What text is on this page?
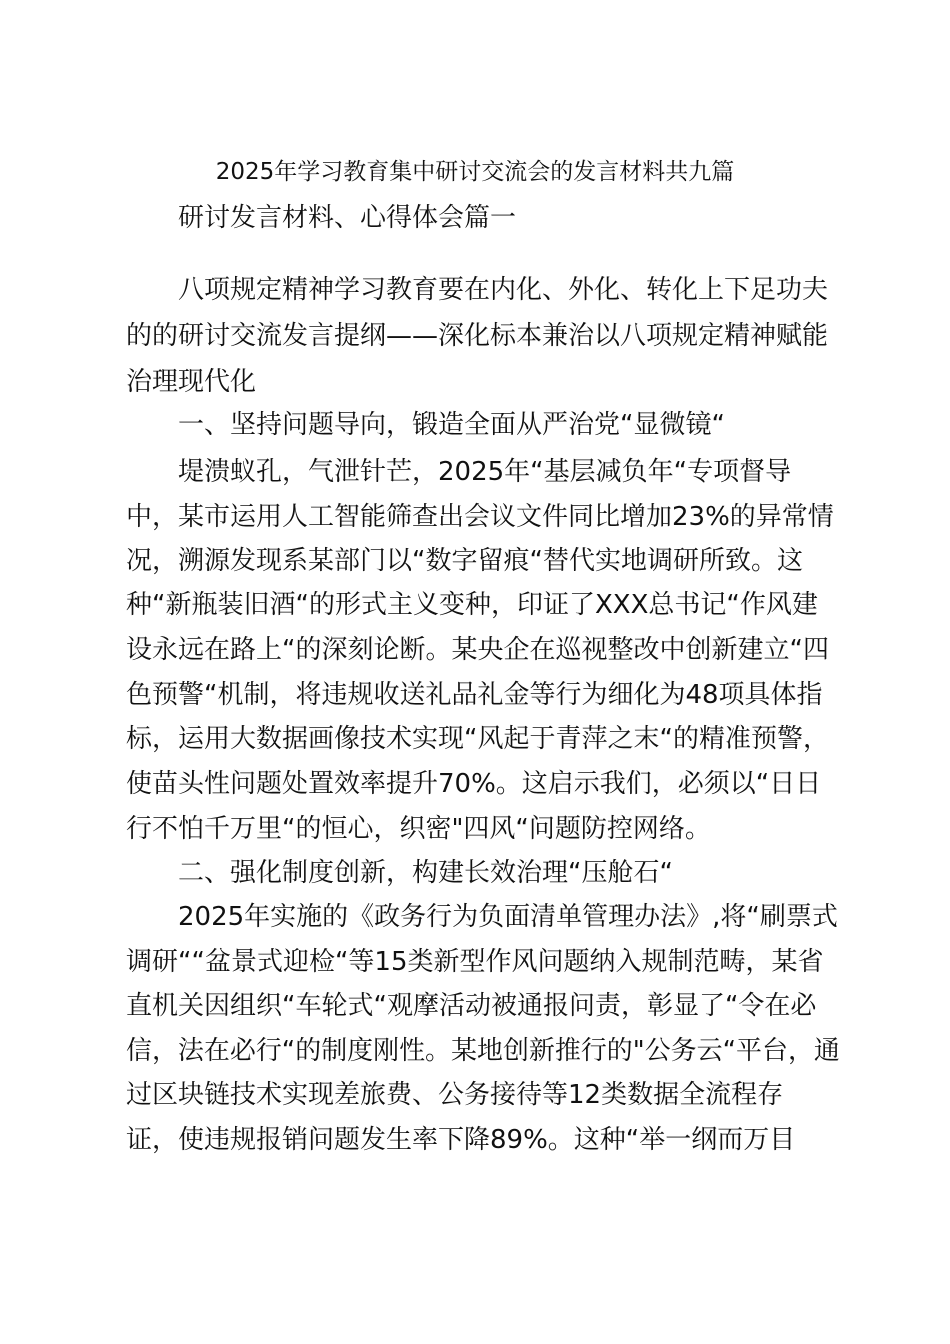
2025年学习教育集中研讨交流会的发言材料共九篇
研讨发言材料、心得体会篇一
八项规定精神学习教育要在内化、外化、转化上下足功夫
的的研讨交流发言提纲——深化标本兼治以八项规定精神赋能
治理现代化
一、坚持问题导向，锻造全面从严治党“显微镜“
堤溃蚁孔，气泄针芒，2025年“基层减负年“专项督导
中，某市运用人工智能筛查出会议文件同比增加23%的异常情
况，溯源发现系某部门以“数字留痕“替代实地调研所致。这
种“新瓶装旧酒“的形式主义变种，印证了XXX总书记“作风建
设永远在路上“的深刻论断。某央企在巡视整改中创新建立“四
色预警“机制，将违规收送礼品礼金等行为细化为48项具体指
标，运用大数据画像技术实现“风起于青萍之末“的精准预警，
使苗头性问题处置效率提升70%。这启示我们，必须以“日日
行不怕千万里“的恒心，织密"四风“问题防控网络。
二、强化制度创新，构建长效治理“压舱石“
2025年实施的《政务行为负面清单管理办法》,将“刷票式
调研““盆景式迎检“等15类新型作风问题纳入规制范畴，某省
直机关因组织“车轮式“观摩活动被通报问责，彰显了“令在必
信，法在必行“的制度刚性。某地创新推行的"公务云“平台，通
过区块链技术实现差旅费、公务接待等12类数据全流程存
证，使违规报销问题发生率下降89%。这种“举一纲而万目
